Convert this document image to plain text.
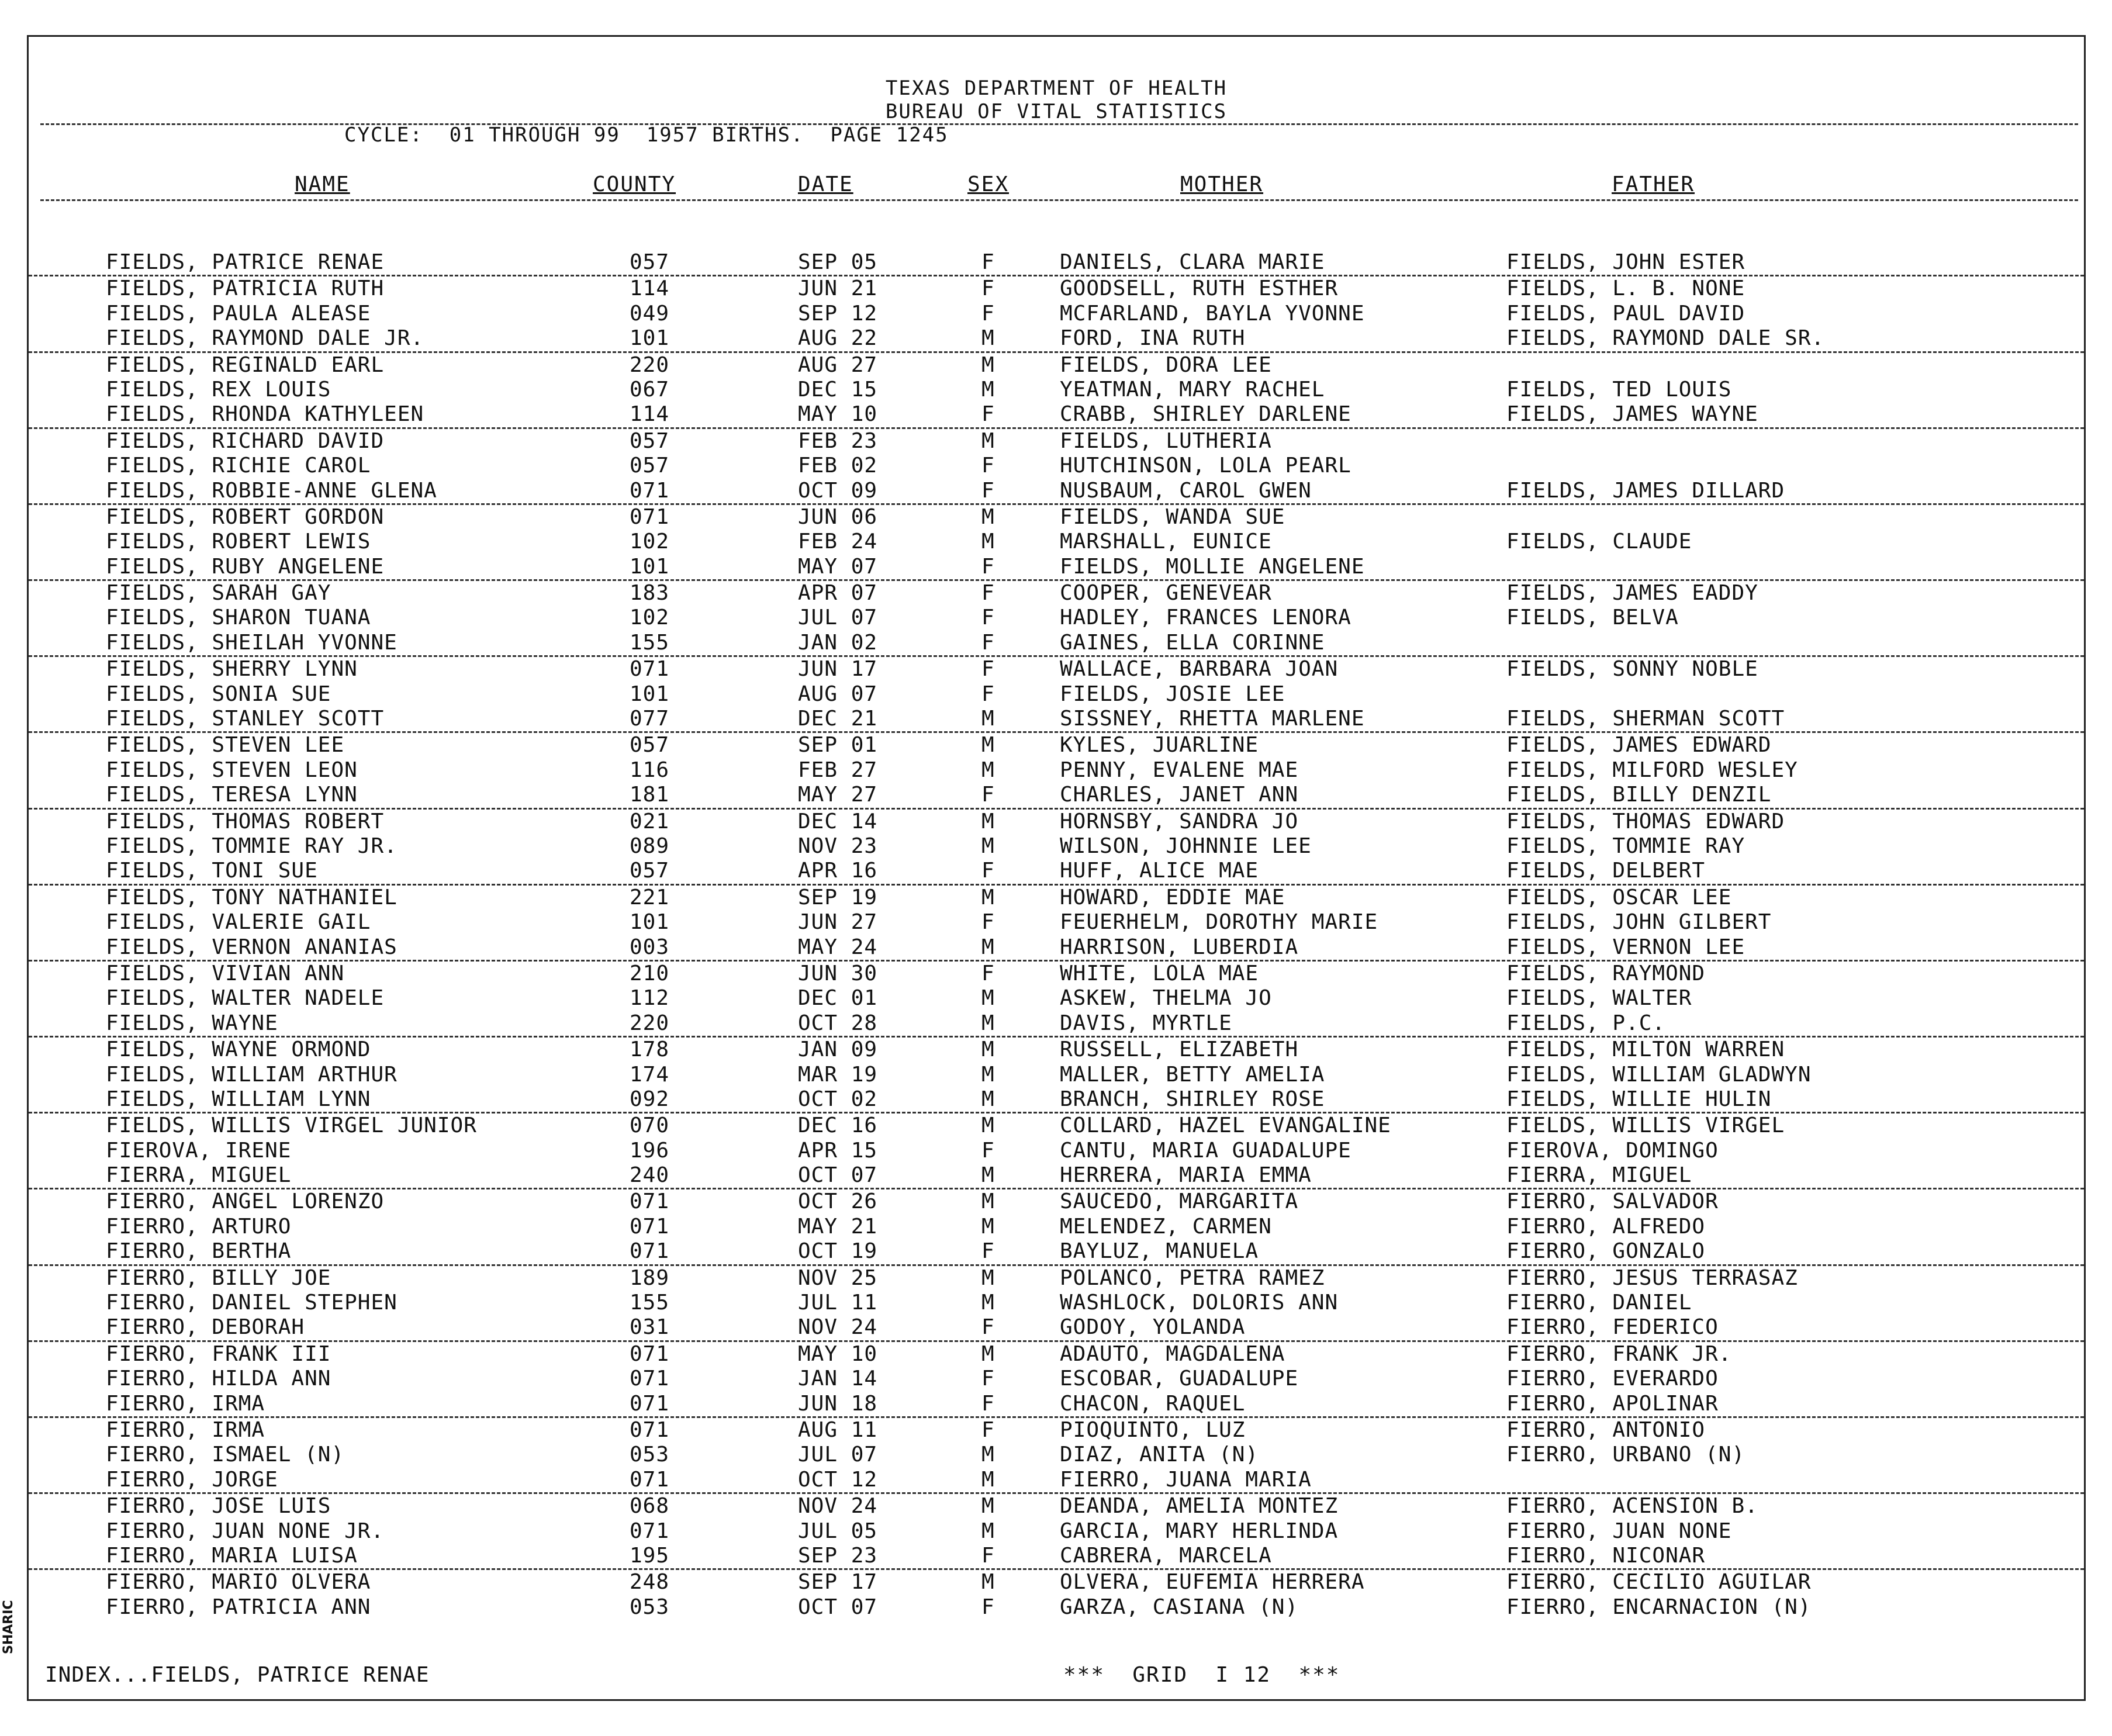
TEXAS DEPARTMENT OF HEALTH
BUREAU OF VITAL STATISTICS
CYCLE:  01 THROUGH 99  1957 BIRTHS.  PAGE 1245
NAME	COUNTY	DATE	SEX	MOTHER	FATHER
FIELDS, PATRICE RENAE	057	SEP 05	F	DANIELS, CLARA MARIE	FIELDS, JOHN ESTER
FIELDS, PATRICIA RUTH	114	JUN 21	F	GOODSELL, RUTH ESTHER	FIELDS, L. B. NONE
FIELDS, PAULA ALEASE	049	SEP 12	F	MCFARLAND, BAYLA YVONNE	FIELDS, PAUL DAVID
FIELDS, RAYMOND DALE JR.	101	AUG 22	M	FORD, INA RUTH	FIELDS, RAYMOND DALE SR.
FIELDS, REGINALD EARL	220	AUG 27	M	FIELDS, DORA LEE
FIELDS, REX LOUIS	067	DEC 15	M	YEATMAN, MARY RACHEL	FIELDS, TED LOUIS
FIELDS, RHONDA KATHYLEEN	114	MAY 10	F	CRABB, SHIRLEY DARLENE	FIELDS, JAMES WAYNE
FIELDS, RICHARD DAVID	057	FEB 23	M	FIELDS, LUTHERIA
FIELDS, RICHIE CAROL	057	FEB 02	F	HUTCHINSON, LOLA PEARL
FIELDS, ROBBIE-ANNE GLENA	071	OCT 09	F	NUSBAUM, CAROL GWEN	FIELDS, JAMES DILLARD
FIELDS, ROBERT GORDON	071	JUN 06	M	FIELDS, WANDA SUE
FIELDS, ROBERT LEWIS	102	FEB 24	M	MARSHALL, EUNICE	FIELDS, CLAUDE
FIELDS, RUBY ANGELENE	101	MAY 07	F	FIELDS, MOLLIE ANGELENE
FIELDS, SARAH GAY	183	APR 07	F	COOPER, GENEVEAR	FIELDS, JAMES EADDY
FIELDS, SHARON TUANA	102	JUL 07	F	HADLEY, FRANCES LENORA	FIELDS, BELVA
FIELDS, SHEILAH YVONNE	155	JAN 02	F	GAINES, ELLA CORINNE
FIELDS, SHERRY LYNN	071	JUN 17	F	WALLACE, BARBARA JOAN	FIELDS, SONNY NOBLE
FIELDS, SONIA SUE	101	AUG 07	F	FIELDS, JOSIE LEE
FIELDS, STANLEY SCOTT	077	DEC 21	M	SISSNEY, RHETTA MARLENE	FIELDS, SHERMAN SCOTT
FIELDS, STEVEN LEE	057	SEP 01	M	KYLES, JUARLINE	FIELDS, JAMES EDWARD
FIELDS, STEVEN LEON	116	FEB 27	M	PENNY, EVALENE MAE	FIELDS, MILFORD WESLEY
FIELDS, TERESA LYNN	181	MAY 27	F	CHARLES, JANET ANN	FIELDS, BILLY DENZIL
FIELDS, THOMAS ROBERT	021	DEC 14	M	HORNSBY, SANDRA JO	FIELDS, THOMAS EDWARD
FIELDS, TOMMIE RAY JR.	089	NOV 23	M	WILSON, JOHNNIE LEE	FIELDS, TOMMIE RAY
FIELDS, TONI SUE	057	APR 16	F	HUFF, ALICE MAE	FIELDS, DELBERT
FIELDS, TONY NATHANIEL	221	SEP 19	M	HOWARD, EDDIE MAE	FIELDS, OSCAR LEE
FIELDS, VALERIE GAIL	101	JUN 27	F	FEUERHELM, DOROTHY MARIE	FIELDS, JOHN GILBERT
FIELDS, VERNON ANANIAS	003	MAY 24	M	HARRISON, LUBERDIA	FIELDS, VERNON LEE
FIELDS, VIVIAN ANN	210	JUN 30	F	WHITE, LOLA MAE	FIELDS, RAYMOND
FIELDS, WALTER NADELE	112	DEC 01	M	ASKEW, THELMA JO	FIELDS, WALTER
FIELDS, WAYNE	220	OCT 28	M	DAVIS, MYRTLE	FIELDS, P.C.
FIELDS, WAYNE ORMOND	178	JAN 09	M	RUSSELL, ELIZABETH	FIELDS, MILTON WARREN
FIELDS, WILLIAM ARTHUR	174	MAR 19	M	MALLER, BETTY AMELIA	FIELDS, WILLIAM GLADWYN
FIELDS, WILLIAM LYNN	092	OCT 02	M	BRANCH, SHIRLEY ROSE	FIELDS, WILLIE HULIN
FIELDS, WILLIS VIRGEL JUNIOR	070	DEC 16	M	COLLARD, HAZEL EVANGALINE	FIELDS, WILLIS VIRGEL
FIEROVA, IRENE	196	APR 15	F	CANTU, MARIA GUADALUPE	FIEROVA, DOMINGO
FIERRA, MIGUEL	240	OCT 07	M	HERRERA, MARIA EMMA	FIERRA, MIGUEL
FIERRO, ANGEL LORENZO	071	OCT 26	M	SAUCEDO, MARGARITA	FIERRO, SALVADOR
FIERRO, ARTURO	071	MAY 21	M	MELENDEZ, CARMEN	FIERRO, ALFREDO
FIERRO, BERTHA	071	OCT 19	F	BAYLUZ, MANUELA	FIERRO, GONZALO
FIERRO, BILLY JOE	189	NOV 25	M	POLANCO, PETRA RAMEZ	FIERRO, JESUS TERRASAZ
FIERRO, DANIEL STEPHEN	155	JUL 11	M	WASHLOCK, DOLORIS ANN	FIERRO, DANIEL
FIERRO, DEBORAH	031	NOV 24	F	GODOY, YOLANDA	FIERRO, FEDERICO
FIERRO, FRANK III	071	MAY 10	M	ADAUTO, MAGDALENA	FIERRO, FRANK JR.
FIERRO, HILDA ANN	071	JAN 14	F	ESCOBAR, GUADALUPE	FIERRO, EVERARDO
FIERRO, IRMA	071	JUN 18	F	CHACON, RAQUEL	FIERRO, APOLINAR
FIERRO, IRMA	071	AUG 11	F	PIOQUINTO, LUZ	FIERRO, ANTONIO
FIERRO, ISMAEL (N)	053	JUL 07	M	DIAZ, ANITA (N)	FIERRO, URBANO (N)
FIERRO, JORGE	071	OCT 12	M	FIERRO, JUANA MARIA
FIERRO, JOSE LUIS	068	NOV 24	M	DEANDA, AMELIA MONTEZ	FIERRO, ACENSION B.
FIERRO, JUAN NONE JR.	071	JUL 05	M	GARCIA, MARY HERLINDA	FIERRO, JUAN NONE
FIERRO, MARIA LUISA	195	SEP 23	F	CABRERA, MARCELA	FIERRO, NICONAR
FIERRO, MARIO OLVERA	248	SEP 17	M	OLVERA, EUFEMIA HERRERA	FIERRO, CECILIO AGUILAR
FIERRO, PATRICIA ANN	053	OCT 07	F	GARZA, CASIANA (N)	FIERRO, ENCARNACION (N)
INDEX...FIELDS, PATRICE RENAE	***  GRID  I 12  ***
SHARIC
